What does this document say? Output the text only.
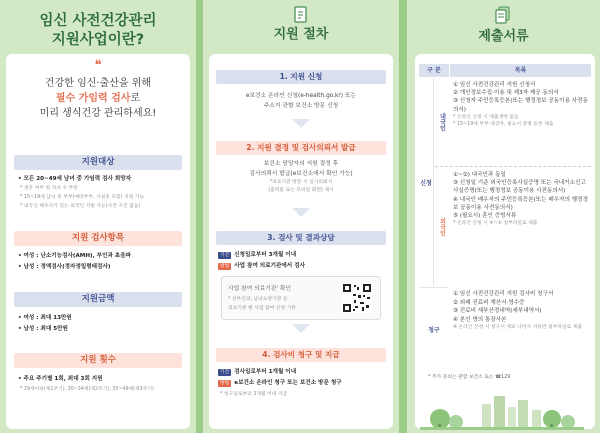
임신 사전건강관리
지원사업이란?
❝
건강한 임신·출산을 위해
필수 가임력 검사로
미리 생식건강 관리하세요!
지원대상
• 모든 20~49세 남녀 중 가임력 검사 희망자
* 결혼 여부 및 자녀 수 무관
* 15~19세 남녀 중 부부(예비부부, 사실혼 포함) 지원 가능
* 내국인 배우자가 있는 외국인 지원 가능(사전 조건 없음)
지원 검사항목
• 여성 : 난소기능검사(AMH), 부인과 초음파
• 남성 : 정액검사(정자정밀형태검사)
지원금액
• 여성 : 최대 13만원
• 남성 : 최대 5만원
지원 횟수
• 주요 주기별 1회, 최대 3회 지원
* 29세이하(제1주기), 30~34세(제2주기), 35~49세(제3주기)
지원 절차
1. 지원 신청
e보건소 온라인 신청(e-health.go.kr) 또는
주소지 관할 보건소 방문 신청
2. 지원 결정 및 검사의뢰서 발급
보건소 담당자의 지원 결정 후
검사의뢰서 발급(e보건소에서 확인 가능)
*의료기관 방문 시 검사의뢰서
(출력물 또는 모바일 화면) 제시
3. 검사 및 결과상담
기간 신청일로부터 3개월 이내
방법 사업 참여 의료기관에서 검사
사업 참여 의료기관' 확인
* 선부인과, 남녀요양기관 등
의료기관 별 사업 참여 신청 기관
4. 검사비 청구 및 지급
기간 검사일로부터 1개월 이내
방법 e보건소 온라인 청구 또는 보건소 방문 청구
* 청구일로부터 3개월 이내 지급
제출서류
구 분	목록
신청
내국인
외국인
청구
① 임신 사전건강관리 지원 신청서
② 개인정보수집·이용 및 제3자 제공 동의서
③ 신청자 주민등록등본(또는 행정정보 공동이용 사전동의서)
* 온라인 신청 시 제출생략 없음
* 15~19세 부부 대상자, 필요서 증빙 등본 제출
①~②) 내국인과 동일
③ 신청일 기준 외국인등록사실증명 또는 국내거소신고사실증명(또는 행정정보 공동이용 사전동의서)
④ 내국인 배우자의 주민등록등본(또는 배우자의 행정정보 공동이용 사전동의서)
⑤ (필요시) 혼인 증빙서류
* 온라인 신청 시 ④~⑤ 첨부파일로 제출
① 임신 사전건강관리 지원 검사비 청구서
② 외래 진료비 계산서·영수증
③ 진료비 세부산정내역(세부내역서)
④ 본인 명의 통장사본
※ 온라인 신청 시 청구서 제외 나머지 서류만 첨부파일로 제출
* 추가 문의는 관할 보건소 또는 ☎129
